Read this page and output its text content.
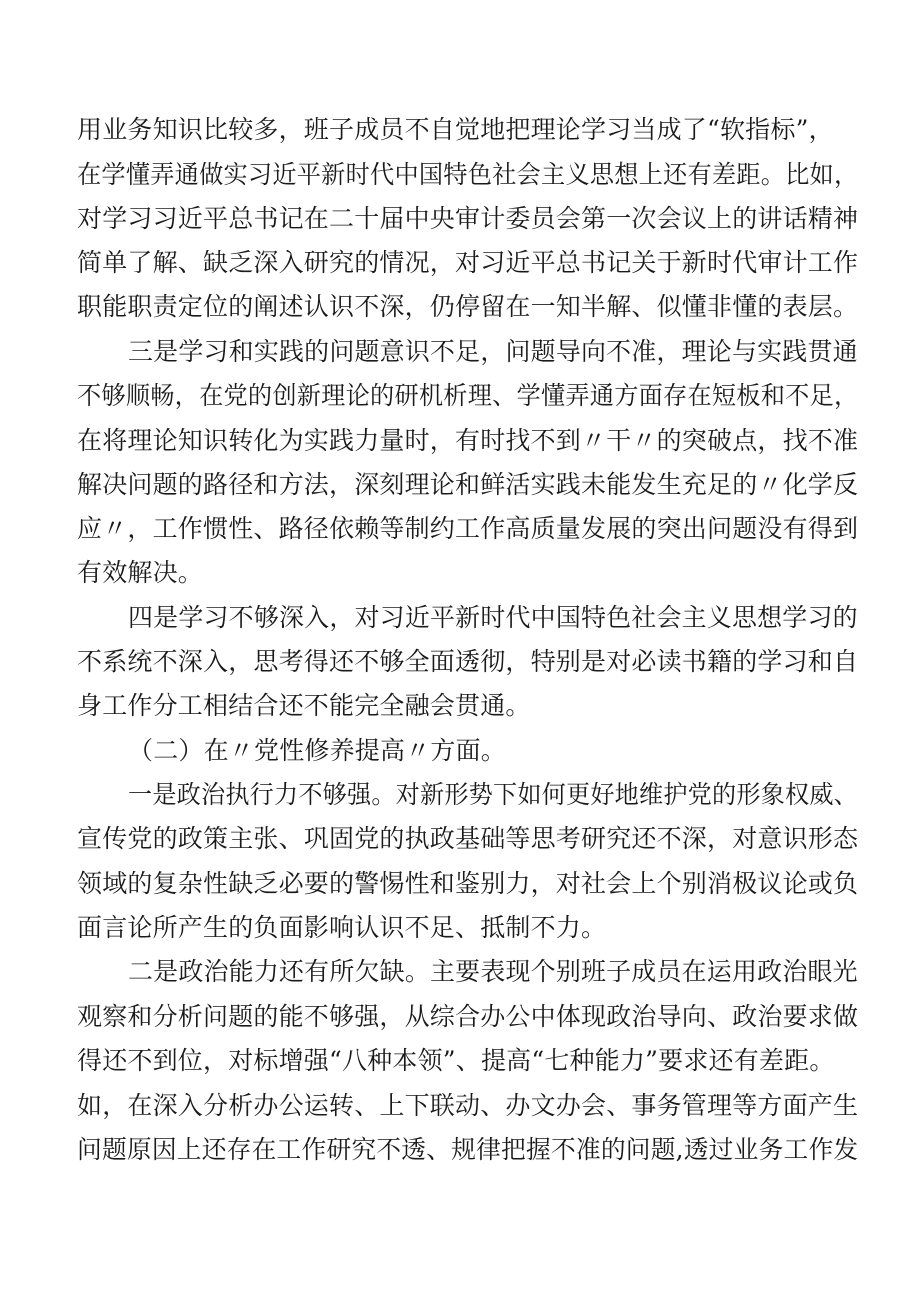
用业务知识比较多，班子成员不自觉地把理论学习当成了“软指标”，
在学懂弄通做实习近平新时代中国特色社会主义思想上还有差距。比如，
对学习习近平总书记在二十届中央审计委员会第一次会议上的讲话精神
简单了解、缺乏深入研究的情况，对习近平总书记关于新时代审计工作
职能职责定位的阐述认识不深，仍停留在一知半解、似懂非懂的表层。
三是学习和实践的问题意识不足，问题导向不准，理论与实践贯通
不够顺畅，在党的创新理论的研机析理、学懂弄通方面存在短板和不足，
在将理论知识转化为实践力量时，有时找不到〃干〃的突破点，找不准
解决问题的路径和方法，深刻理论和鲜活实践未能发生充足的〃化学反
应〃，工作惯性、路径依赖等制约工作高质量发展的突出问题没有得到
有效解决。
四是学习不够深入，对习近平新时代中国特色社会主义思想学习的
不系统不深入，思考得还不够全面透彻，特别是对必读书籍的学习和自
身工作分工相结合还不能完全融会贯通。
（二）在〃党性修养提高〃方面。
一是政治执行力不够强。对新形势下如何更好地维护党的形象权威、
宣传党的政策主张、巩固党的执政基础等思考研究还不深，对意识形态
领域的复杂性缺乏必要的警惕性和鉴别力，对社会上个别消极议论或负
面言论所产生的负面影响认识不足、抵制不力。
二是政治能力还有所欠缺。主要表现个别班子成员在运用政治眼光
观察和分析问题的能不够强，从综合办公中体现政治导向、政治要求做
得还不到位，对标增强“八种本领”、提高“七种能力”要求还有差距。
如，在深入分析办公运转、上下联动、办文办会、事务管理等方面产生
问题原因上还存在工作研究不透、规律把握不准的问题,透过业务工作发
